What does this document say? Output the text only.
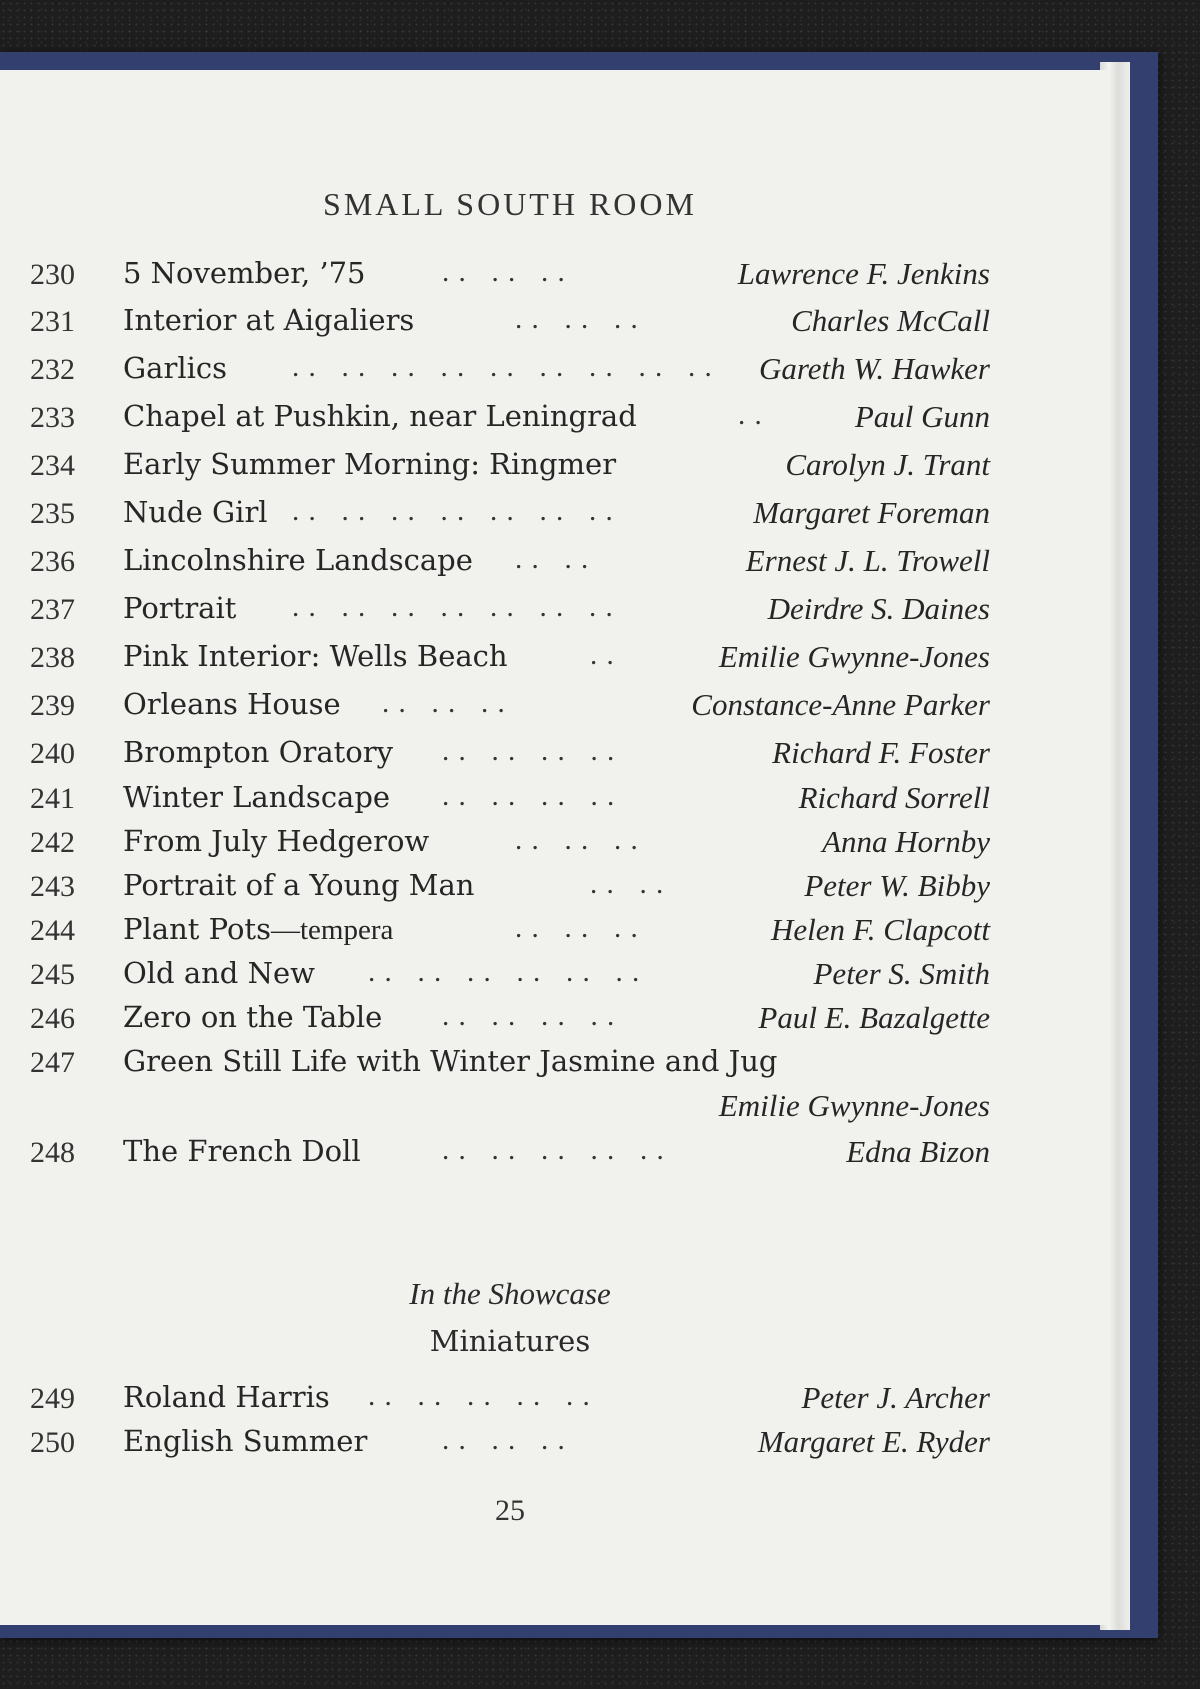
SMALL SOUTH ROOM
230 5 November, ’75	. .   . .   . .	Lawrence F. Jenkins
231 Interior at Aigaliers	. .   . .   . .	Charles McCall
232 Garlics . .   . .   . .   . .   . .   . .   . .   . .   . . Gareth W. Hawker
233 Chapel at Pushkin, near Leningrad	. .	Paul Gunn
234 Early Summer Morning: Ringmer	Carolyn J. Trant
235 Nude Girl . .   . .   . .   . .   . .   . .   . .	Margaret Foreman
236 Lincolnshire Landscape . .   . .	Ernest J. L. Trowell
237 Portrait . .   . .   . .   . .   . .   . .   . .	Deirdre S. Daines
238 Pink Interior: Wells Beach	. .	Emilie Gwynne-Jones
239 Orleans House . .   . .   . .	Constance-Anne Parker
240 Brompton Oratory . .   . .   . .   . .	Richard F. Foster
241 Winter Landscape . .   . .   . .   . .	Richard Sorrell
242 From July Hedgerow	. .   . .   . .	Anna Hornby
243 Portrait of a Young Man	. .   . .	Peter W. Bibby
244 Plant Pots—tempera	. .   . .   . .	Helen F. Clapcott
245 Old and New . .   . .   . .   . .   . .   . .	Peter S. Smith
246 Zero on the Table . .   . .   . .   . .	Paul E. Bazalgette
247 Green Still Life with Winter Jasmine and Jug
Emilie Gwynne-Jones
248 The French Doll	. .   . .   . .   . .   . .	Edna Bizon
In the Showcase
Miniatures
249 Roland Harris . .   . .   . .   . .   . .	Peter J. Archer
250 English Summer	. .   . .   . .	Margaret E. Ryder
25
